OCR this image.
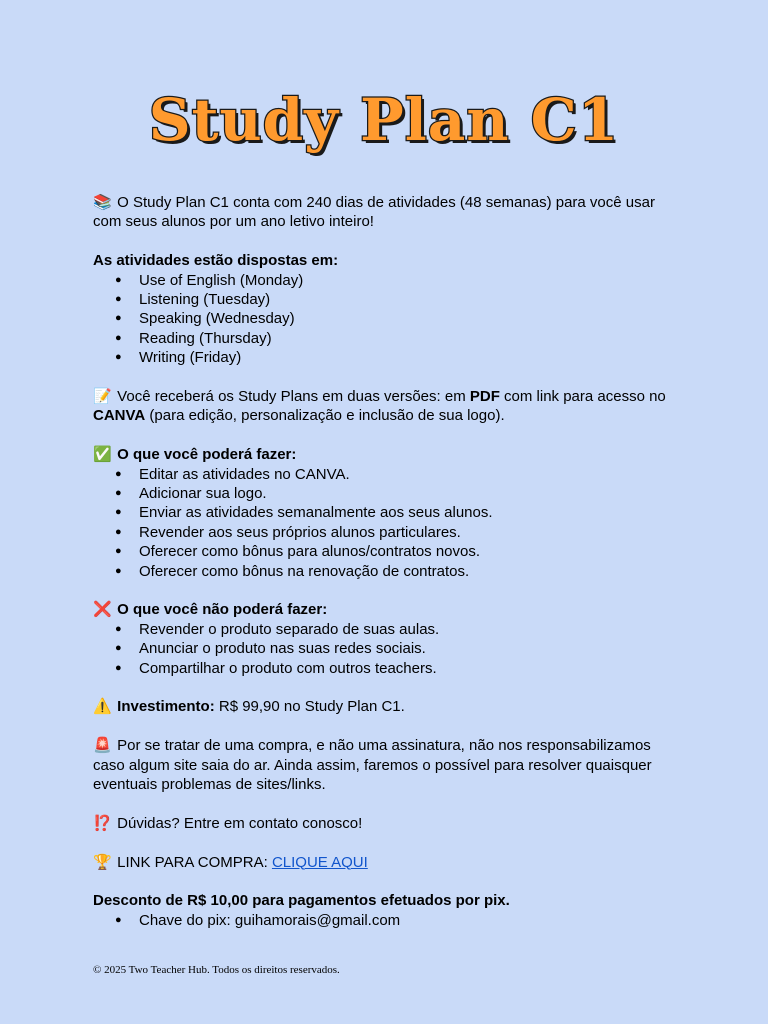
Study Plan C1

📚 O Study Plan C1 conta com 240 dias de atividades (48 semanas) para você usar com seus alunos por um ano letivo inteiro!

As atividades estão dispostas em:

● Use of English (Monday)
● Listening (Tuesday)
● Speaking (Wednesday)
● Reading (Thursday)
● Writing (Friday)

📝 Você receberá os Study Plans em duas versões: em PDF com link para acesso no CANVA (para edição, personalização e inclusão de sua logo).

✅ O que você poderá fazer:

● Editar as atividades no CANVA.
● Adicionar sua logo.
● Enviar as atividades semanalmente aos seus alunos.
● Revender aos seus próprios alunos particulares.
● Oferecer como bônus para alunos/contratos novos.
● Oferecer como bônus na renovação de contratos.

❌ O que você não poderá fazer:

● Revender o produto separado de suas aulas.
● Anunciar o produto nas suas redes sociais.
● Compartilhar o produto com outros teachers.

⚠️ Investimento: R$ 99,90 no Study Plan C1.

🚨 Por se tratar de uma compra, e não uma assinatura, não nos responsabilizamos caso algum site saia do ar. Ainda assim, faremos o possível para resolver quaisquer eventuais problemas de sites/links.

⁉️ Dúvidas? Entre em contato conosco!

🏆 LINK PARA COMPRA: CLIQUE AQUI

Desconto de R$ 10,00 para pagamentos efetuados por pix.

● Chave do pix: guihamorais@gmail.com
© 2025 Two Teacher Hub. Todos os direitos reservados.
